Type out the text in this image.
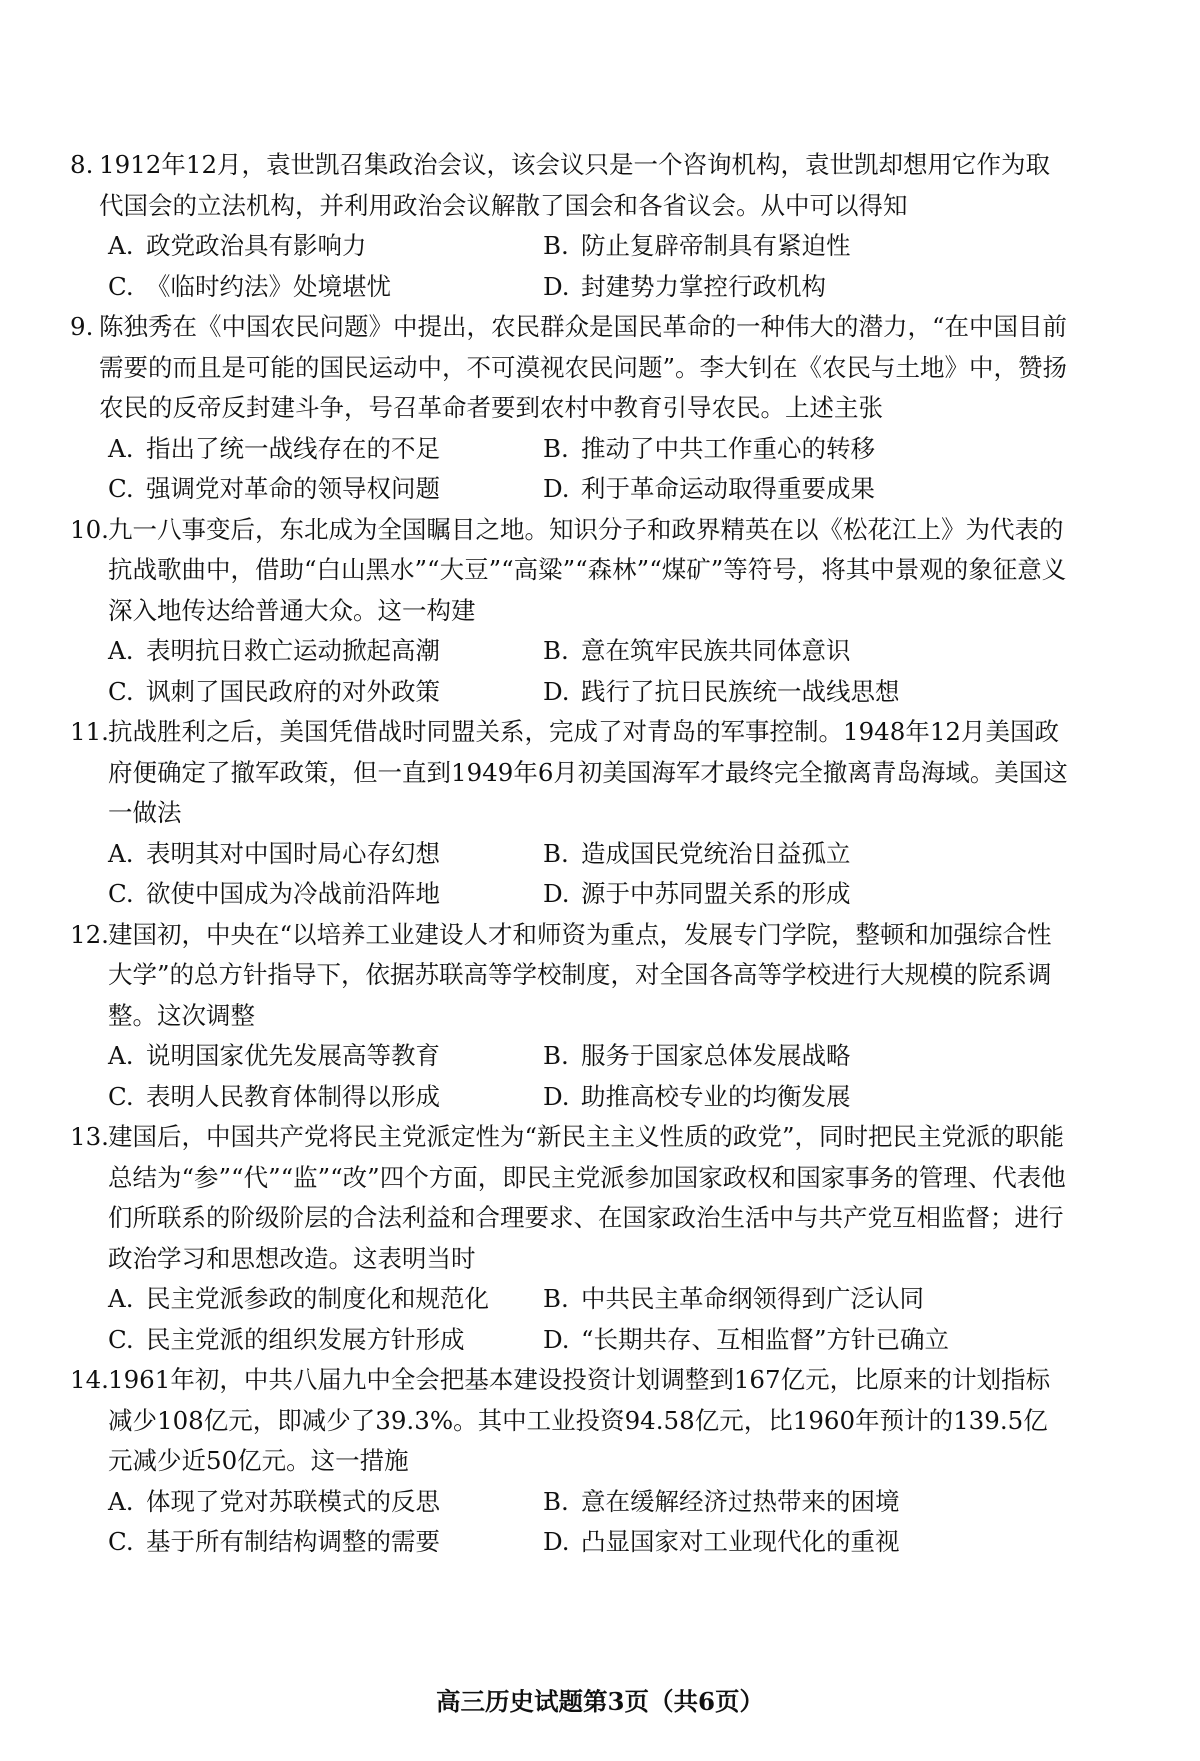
8. 1912年12月，袁世凯召集政治会议，该会议只是一个咨询机构，袁世凯却想用它作为取代国会的立法机构，并利用政治会议解散了国会和各省议会。从中可以得知
A. 政党政治具有影响力	B. 防止复辟帝制具有紧迫性
C. 《临时约法》处境堪忧	D. 封建势力掌控行政机构
9. 陈独秀在《中国农民问题》中提出，农民群众是国民革命的一种伟大的潜力，“在中国目前需要的而且是可能的国民运动中，不可漠视农民问题”。李大钊在《农民与土地》中，赞扬农民的反帝反封建斗争，号召革命者要到农村中教育引导农民。上述主张
A. 指出了统一战线存在的不足	B. 推动了中共工作重心的转移
C. 强调党对革命的领导权问题	D. 利于革命运动取得重要成果
10. 九一八事变后，东北成为全国瞩目之地。知识分子和政界精英在以《松花江上》为代表的抗战歌曲中，借助“白山黑水”“大豆”“高粱”“森林”“煤矿”等符号，将其中景观的象征意义深入地传达给普通大众。这一构建
A. 表明抗日救亡运动掀起高潮	B. 意在筑牢民族共同体意识
C. 讽刺了国民政府的对外政策	D. 践行了抗日民族统一战线思想
11. 抗战胜利之后，美国凭借战时同盟关系，完成了对青岛的军事控制。1948年12月美国政府便确定了撤军政策，但一直到1949年6月初美国海军才最终完全撤离青岛海域。美国这一做法
A. 表明其对中国时局心存幻想	B. 造成国民党统治日益孤立
C. 欲使中国成为冷战前沿阵地	D. 源于中苏同盟关系的形成
12. 建国初，中央在“以培养工业建设人才和师资为重点，发展专门学院，整顿和加强综合性大学”的总方针指导下，依据苏联高等学校制度，对全国各高等学校进行大规模的院系调整。这次调整
A. 说明国家优先发展高等教育	B. 服务于国家总体发展战略
C. 表明人民教育体制得以形成	D. 助推高校专业的均衡发展
13. 建国后，中国共产党将民主党派定性为“新民主主义性质的政党”，同时把民主党派的职能总结为“参”“代”“监”“改”四个方面，即民主党派参加国家政权和国家事务的管理、代表他们所联系的阶级阶层的合法利益和合理要求、在国家政治生活中与共产党互相监督；进行政治学习和思想改造。这表明当时
A. 民主党派参政的制度化和规范化	B. 中共民主革命纲领得到广泛认同
C. 民主党派的组织发展方针形成	D. “长期共存、互相监督”方针已确立
14. 1961年初，中共八届九中全会把基本建设投资计划调整到167亿元，比原来的计划指标减少108亿元，即减少了39.3%。其中工业投资94.58亿元，比1960年预计的139.5亿元减少近50亿元。这一措施
A. 体现了党对苏联模式的反思	B. 意在缓解经济过热带来的困境
C. 基于所有制结构调整的需要	D. 凸显国家对工业现代化的重视
高三历史试题第3页（共6页）
